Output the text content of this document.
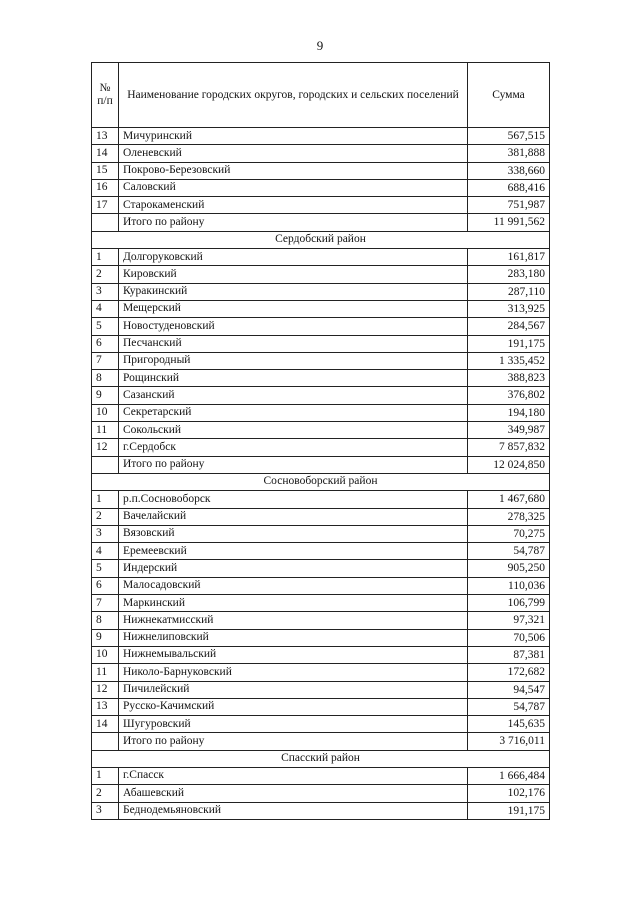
9
№ п/п	Наименование городских округов, городских и сельских поселений	Сумма
13	Мичуринский	567,515
14	Оленевский	381,888
15	Покрово-Березовский	338,660
16	Саловский	688,416
17	Старокаменский	751,987
	Итого по району	11 991,562
Сердобский район		
1	Долгоруковский	161,817
2	Кировский	283,180
3	Куракинский	287,110
4	Мещерский	313,925
5	Новостуденовский	284,567
6	Песчанский	191,175
7	Пригородный	1 335,452
8	Рощинский	388,823
9	Сазанский	376,802
10	Секретарский	194,180
11	Сокольский	349,987
12	г.Сердобск	7 857,832
	Итого по району	12 024,850
Сосновоборский район		
1	р.п.Сосновоборск	1 467,680
2	Вачелайский	278,325
3	Вязовский	70,275
4	Еремеевский	54,787
5	Индерский	905,250
6	Малосадовский	110,036
7	Маркинский	106,799
8	Нижнекатмисский	97,321
9	Нижнелиповский	70,506
10	Нижнемывальский	87,381
11	Николо-Барнуковский	172,682
12	Пичилейский	94,547
13	Русско-Качимский	54,787
14	Шугуровский	145,635
	Итого по району	3 716,011
Спасский район		
1	г.Спасск	1 666,484
2	Абашевский	102,176
3	Беднодемьяновский	191,175
